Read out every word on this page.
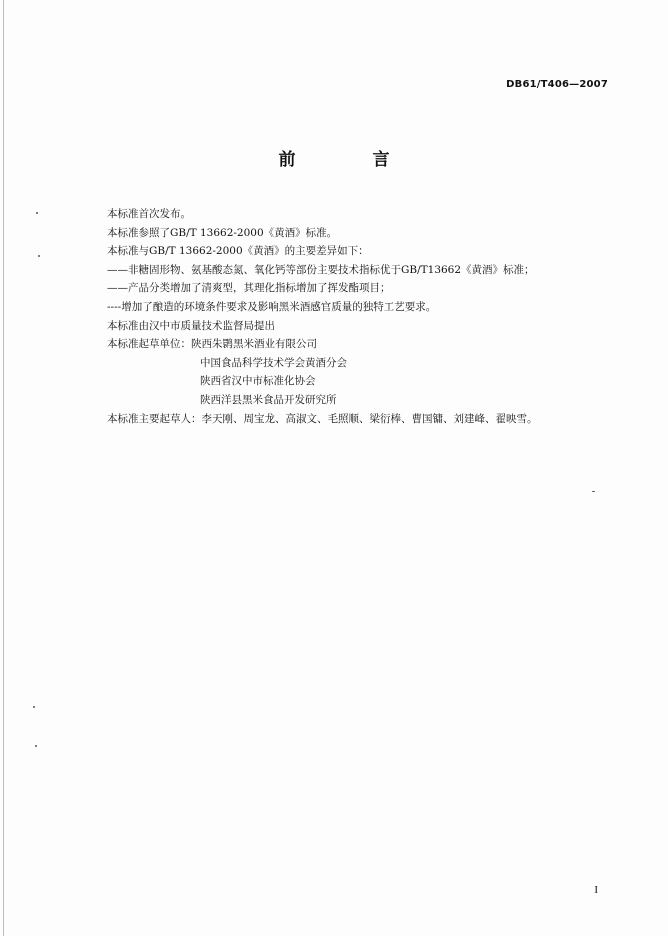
DB61/T406—2007
前　言

本标准首次发布。

本标准参照了GB/T 13662-2000《黄酒》标准。

本标准与GB/T 13662-2000《黄酒》的主要差异如下：

——非糖固形物、氨基酸态氮、氧化钙等部份主要技术指标优于GB/T13662《黄酒》标准；

——产品分类增加了清爽型，其理化指标增加了挥发酯项目；

----增加了酿造的环境条件要求及影响黑米酒感官质量的独特工艺要求。

本标准由汉中市质量技术监督局提出

本标准起草单位：陕西朱鹮黑米酒业有限公司

中国食品科学技术学会黄酒分会

陕西省汉中市标准化协会

陕西洋县黑米食品开发研究所

本标准主要起草人：李天刚、周宝龙、高淑文、毛照顺、梁衍棒、曹国镛、刘建峰、翟映雪。

I
